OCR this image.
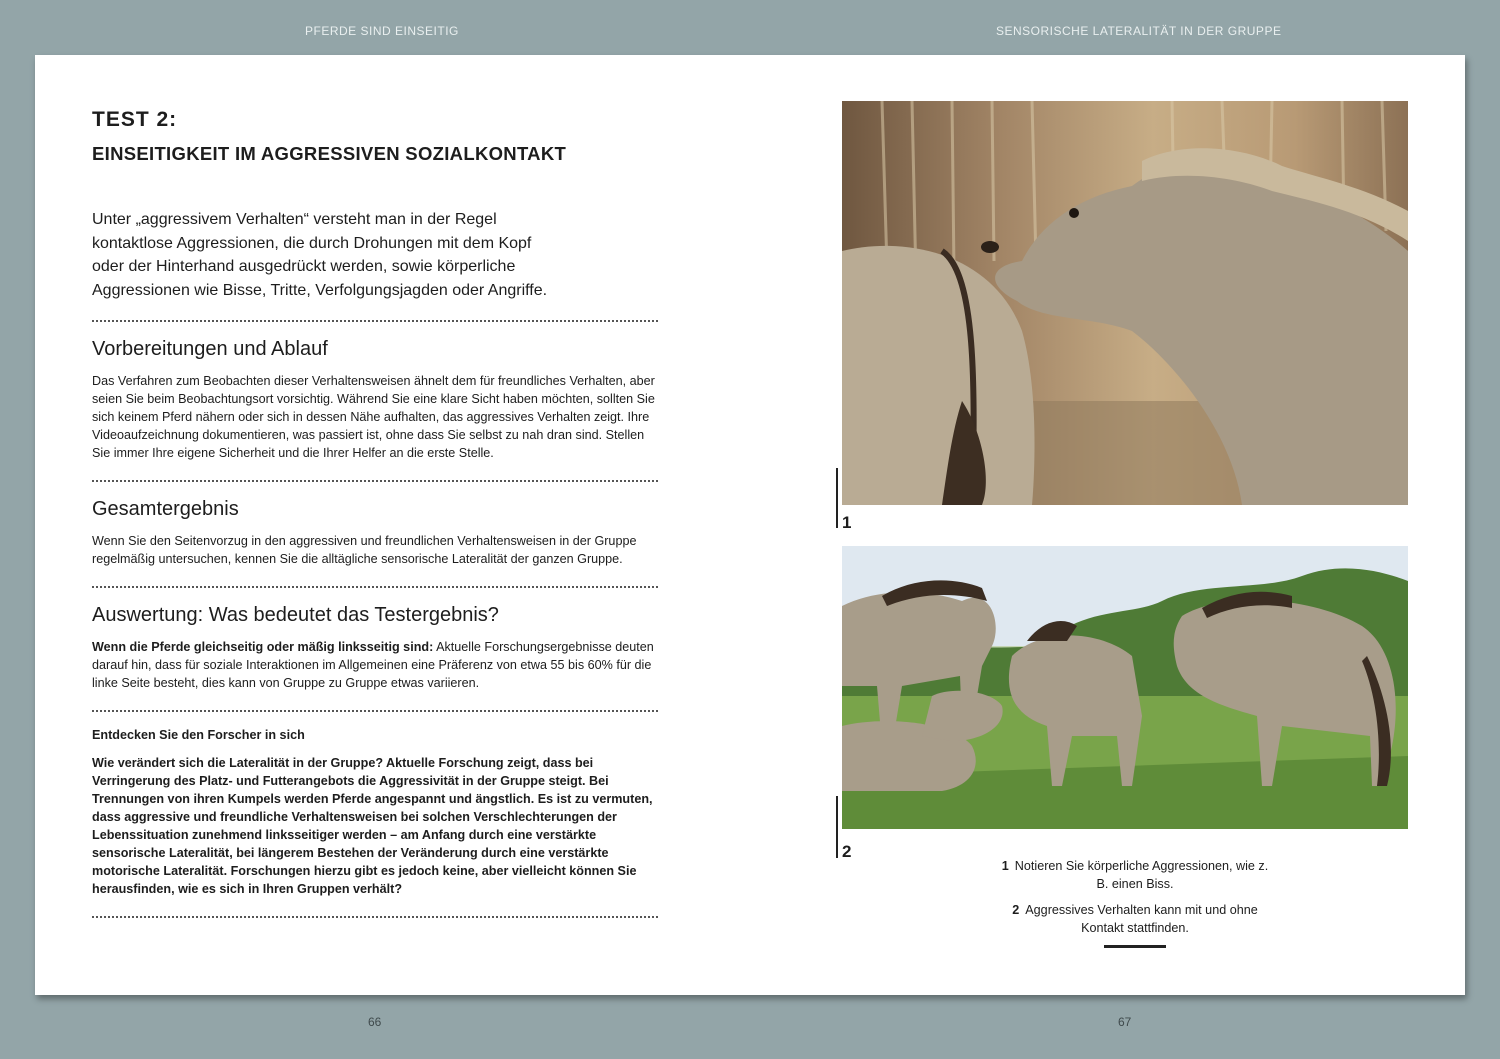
PFERDE SIND EINSEITIG	SENSORISCHE LATERALITÄT IN DER GRUPPE
TEST 2:
EINSEITIGKEIT IM AGGRESSIVEN SOZIALKONTAKT

Unter „aggressivem Verhalten“ versteht man in der Regel kontaktlose Aggressionen, die durch Drohungen mit dem Kopf oder der Hinterhand ausgedrückt werden, sowie körperliche Aggressionen wie Bisse, Tritte, Verfolgungsjagden oder Angriffe.

Vorbereitungen und Ablauf

Das Verfahren zum Beobachten dieser Verhaltensweisen ähnelt dem für freundliches Verhalten, aber seien Sie beim Beobachtungsort vorsichtig. Während Sie eine klare Sicht haben möchten, sollten Sie sich keinem Pferd nähern oder sich in dessen Nähe aufhalten, das aggressives Verhalten zeigt. Ihre Videoaufzeichnung dokumentieren, was passiert ist, ohne dass Sie selbst zu nah dran sind. Stellen Sie immer Ihre eigene Sicherheit und die Ihrer Helfer an die erste Stelle.

Gesamtergebnis

Wenn Sie den Seitenvorzug in den aggressiven und freundlichen Verhaltensweisen in der Gruppe regelmäßig untersuchen, kennen Sie die alltägliche sensorische Lateralität der ganzen Gruppe.

Auswertung: Was bedeutet das Testergebnis?

Wenn die Pferde gleichseitig oder mäßig linksseitig sind: Aktuelle Forschungsergebnisse deuten darauf hin, dass für soziale Interaktionen im Allgemeinen eine Präferenz von etwa 55 bis 60% für die linke Seite besteht, dies kann von Gruppe zu Gruppe etwas variieren.

Entdecken Sie den Forscher in sich

Wie verändert sich die Lateralität in der Gruppe? Aktuelle Forschung zeigt, dass bei Verringerung des Platz- und Futterangebots die Aggressivität in der Gruppe steigt. Bei Trennungen von ihren Kumpels werden Pferde angespannt und ängstlich. Es ist zu vermuten, dass aggressive und freundliche Verhaltensweisen bei solchen Verschlechterungen der Lebenssituation zunehmend linksseitiger werden – am Anfang durch eine verstärkte sensorische Lateralität, bei längerem Bestehen der Veränderung durch eine verstärkte motorische Lateralität. Forschungen hierzu gibt es jedoch keine, aber vielleicht können Sie herausfinden, wie es sich in Ihren Gruppen verhält?

1
2

1 Notieren Sie körperliche Aggressionen, wie z. B. einen Biss.

2 Aggressives Verhalten kann mit und ohne Kontakt stattfinden.

66	67
